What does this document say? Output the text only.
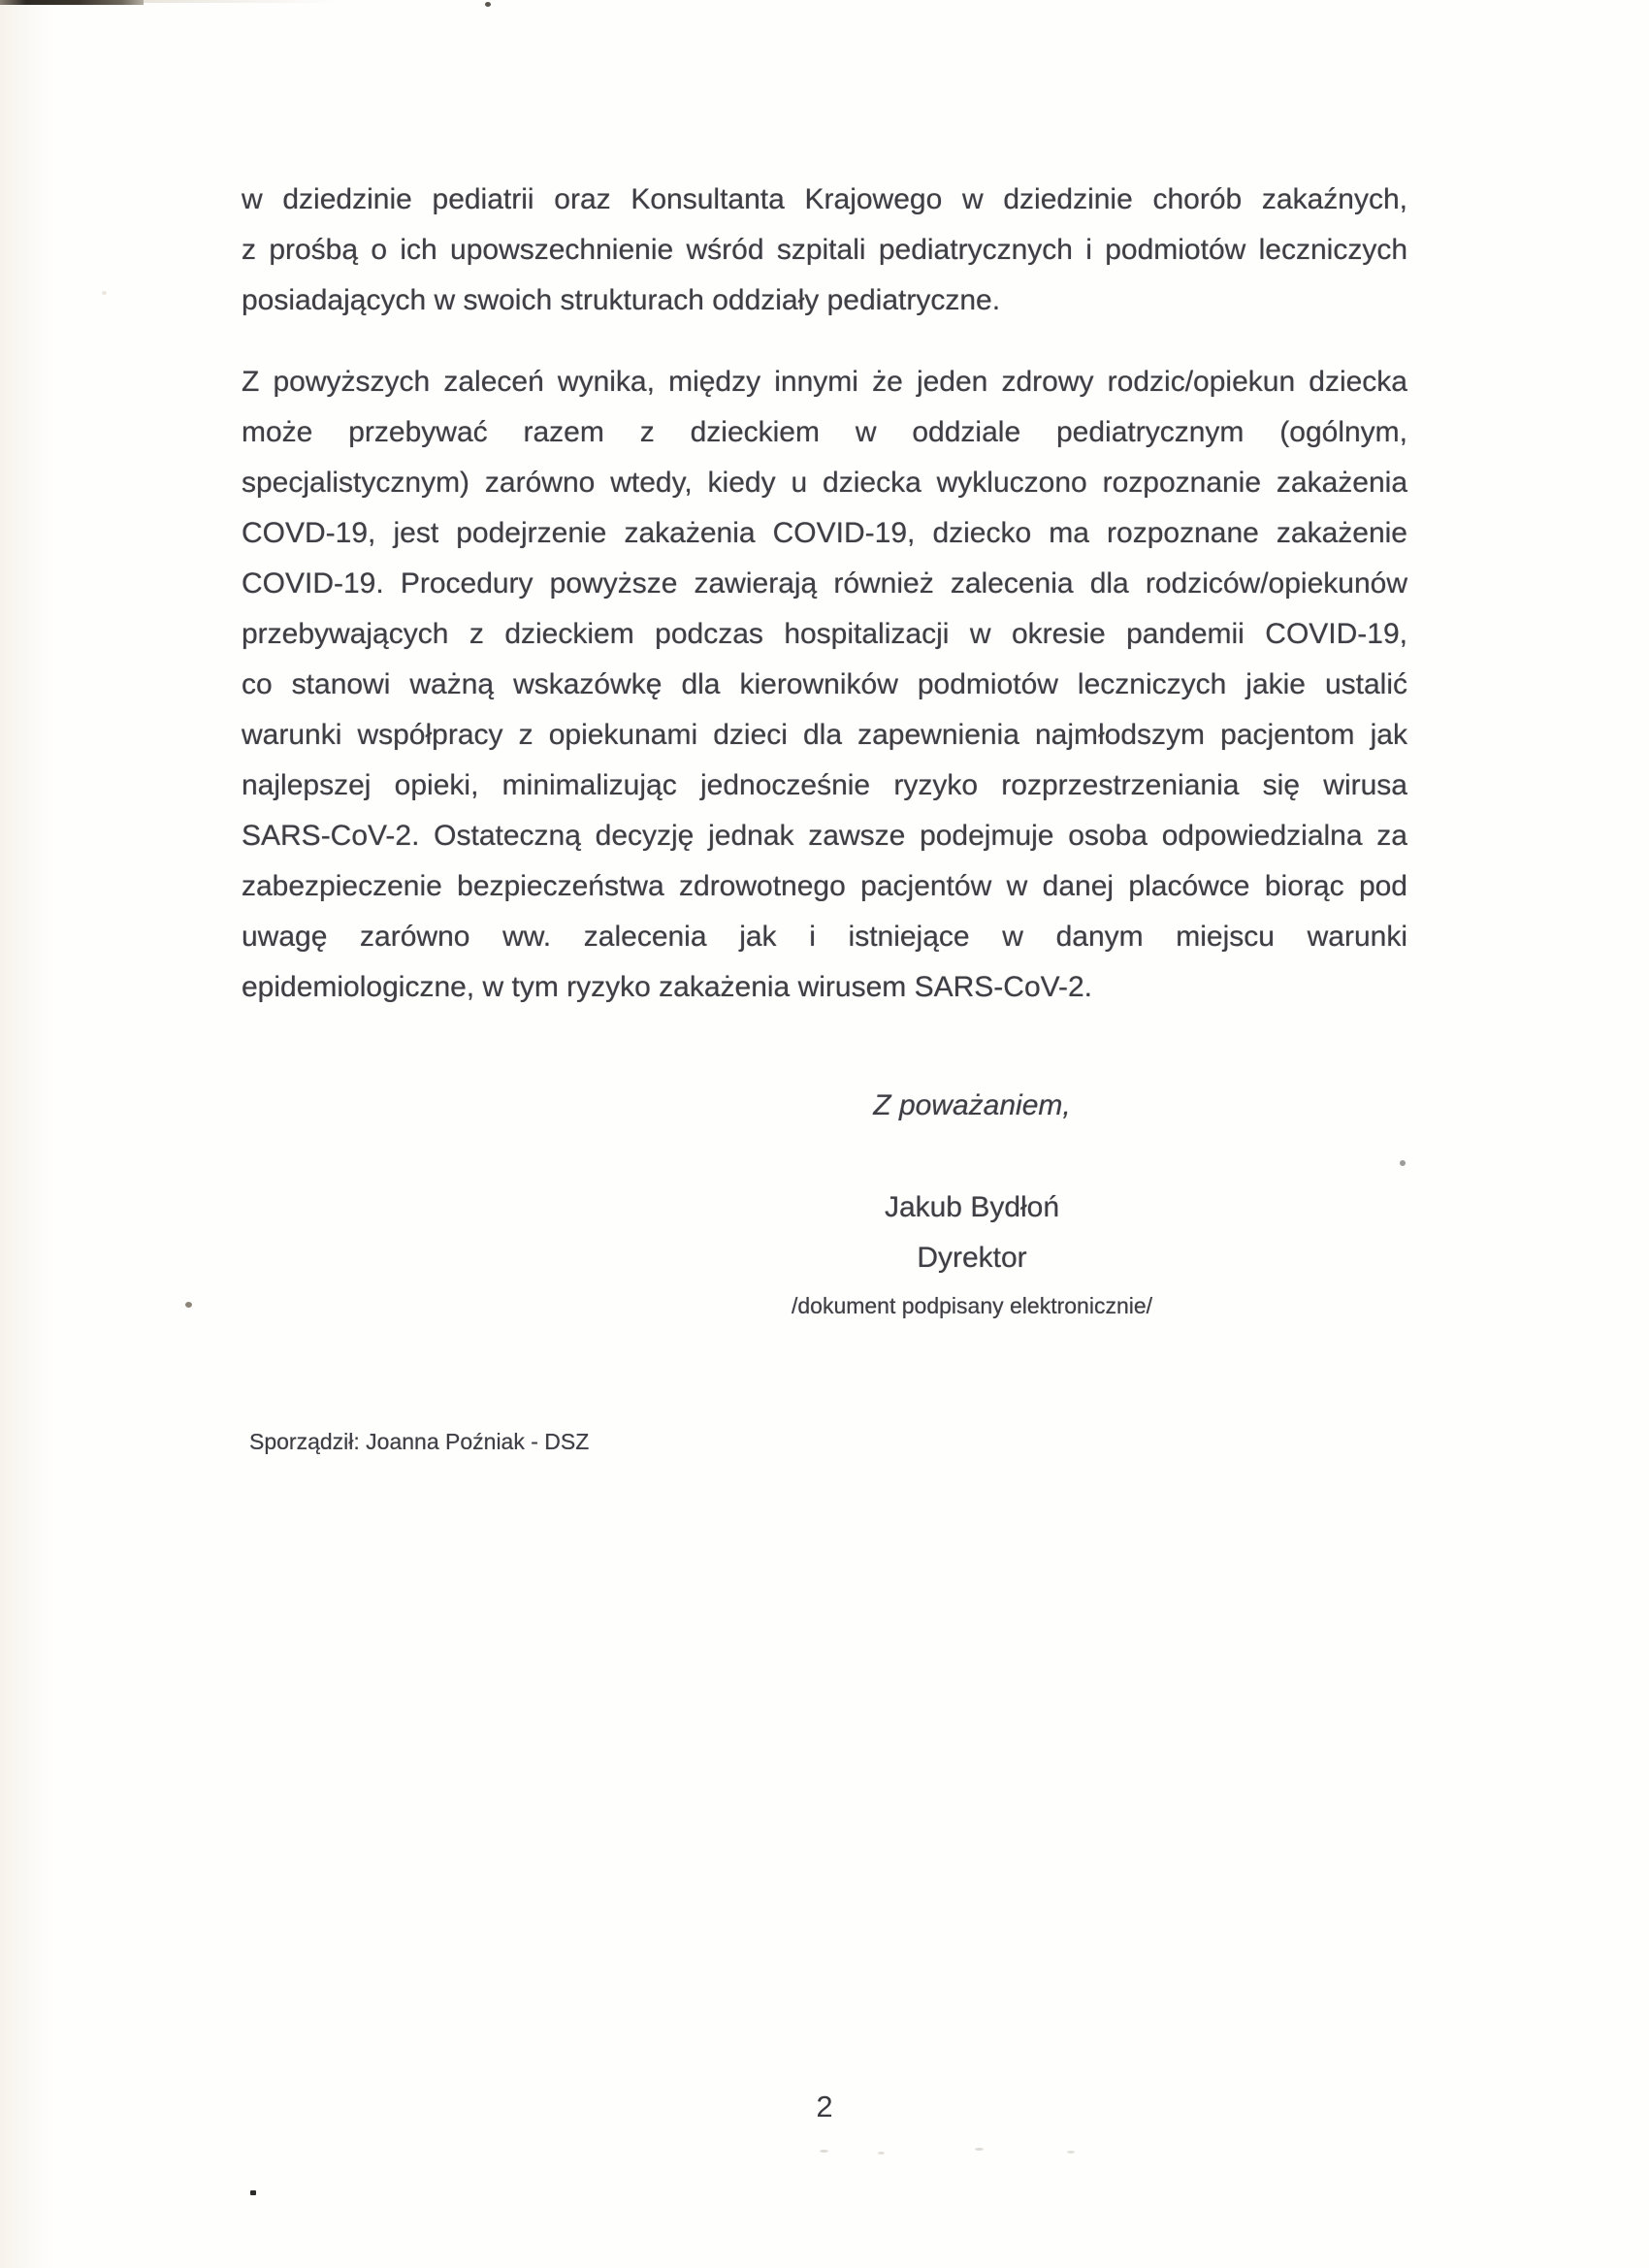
w dziedzinie pediatrii oraz Konsultanta Krajowego w dziedzinie chorób zakaźnych,
z prośbą o ich upowszechnienie wśród szpitali pediatrycznych i podmiotów leczniczych
posiadających w swoich strukturach oddziały pediatryczne.
Z powyższych zaleceń wynika, między innymi że jeden zdrowy rodzic/opiekun dziecka
może przebywać razem z dzieckiem w oddziale pediatrycznym (ogólnym,
specjalistycznym) zarówno wtedy, kiedy u dziecka wykluczono rozpoznanie zakażenia
COVD-19, jest podejrzenie zakażenia COVID-19, dziecko ma rozpoznane zakażenie
COVID-19. Procedury powyższe zawierają również zalecenia dla rodziców/opiekunów
przebywających z dzieckiem podczas hospitalizacji w okresie pandemii COVID-19,
co stanowi ważną wskazówkę dla kierowników podmiotów leczniczych jakie ustalić
warunki współpracy z opiekunami dzieci dla zapewnienia najmłodszym pacjentom jak
najlepszej opieki, minimalizując jednocześnie ryzyko rozprzestrzeniania się wirusa
SARS-CoV-2. Ostateczną decyzję jednak zawsze podejmuje osoba odpowiedzialna za
zabezpieczenie bezpieczeństwa zdrowotnego pacjentów w danej placówce biorąc pod
uwagę zarówno ww. zalecenia jak i istniejące w danym miejscu warunki
epidemiologiczne, w tym ryzyko zakażenia wirusem SARS-CoV-2.
Z poważaniem,
Jakub Bydłoń
Dyrektor
/dokument podpisany elektronicznie/
Sporządził: Joanna Poźniak - DSZ
2
